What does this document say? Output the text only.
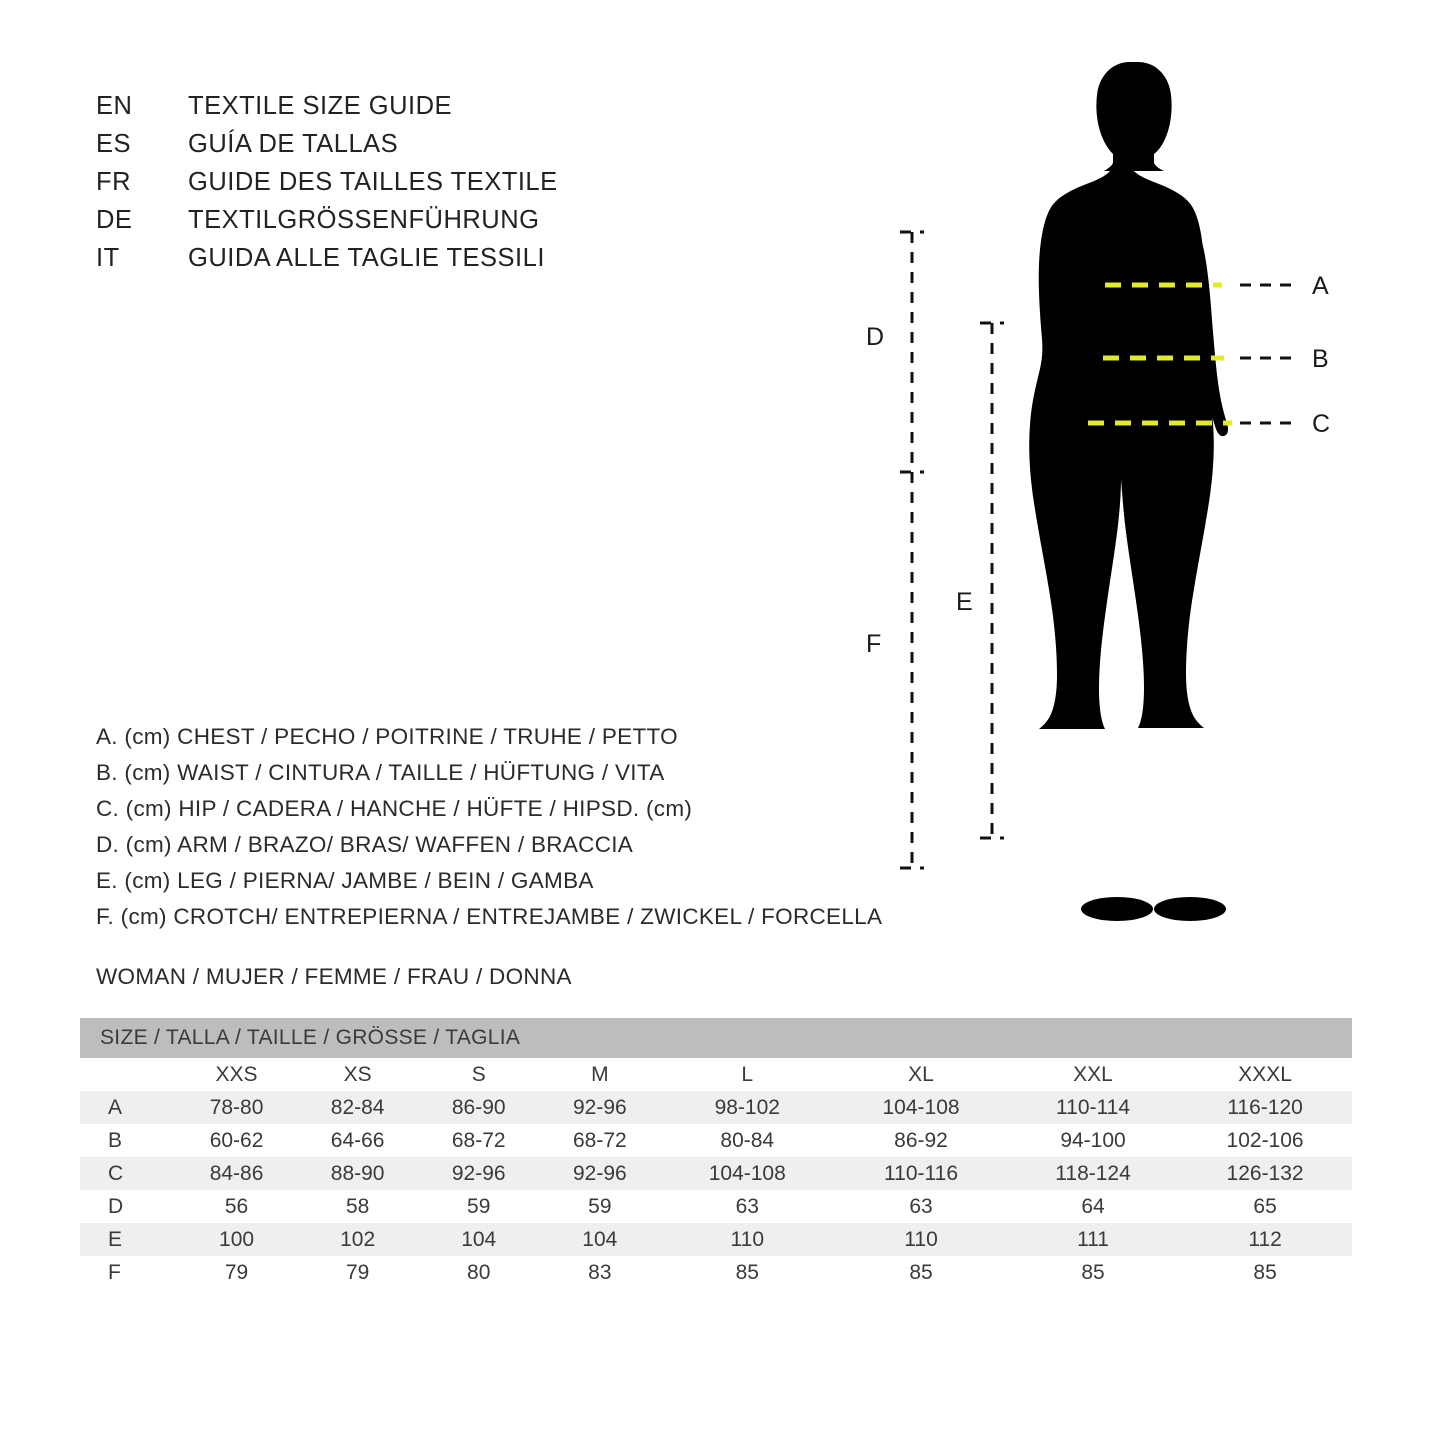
EN	TEXTILE SIZE GUIDE
ES	GUÍA DE TALLAS
FR	GUIDE DES TAILLES TEXTILE
DE	TEXTILGRÖSSENFÜHRUNG
IT	GUIDA ALLE TAGLIE TESSILI
A
B
C
D
E
F
A. (cm) CHEST / PECHO / POITRINE / TRUHE / PETTO
B. (cm) WAIST / CINTURA / TAILLE / HÜFTUNG / VITA
C. (cm) HIP / CADERA / HANCHE / HÜFTE / HIPSD. (cm)
D. (cm) ARM / BRAZO/ BRAS/ WAFFEN / BRACCIA
E. (cm) LEG / PIERNA/ JAMBE / BEIN / GAMBA
F. (cm) CROTCH/ ENTREPIERNA / ENTREJAMBE / ZWICKEL / FORCELLA
WOMAN / MUJER / FEMME / FRAU / DONNA
SIZE / TALLA / TAILLE / GRÖSSE / TAGLIA
	XXS	XS	S	M	L	XL	XXL	XXXL
A	78-80	82-84	86-90	92-96	98-102	104-108	110-114	116-120
B	60-62	64-66	68-72	68-72	80-84	86-92	94-100	102-106
C	84-86	88-90	92-96	92-96	104-108	110-116	118-124	126-132
D	56	58	59	59	63	63	64	65
E	100	102	104	104	110	110	111	112
F	79	79	80	83	85	85	85	85
